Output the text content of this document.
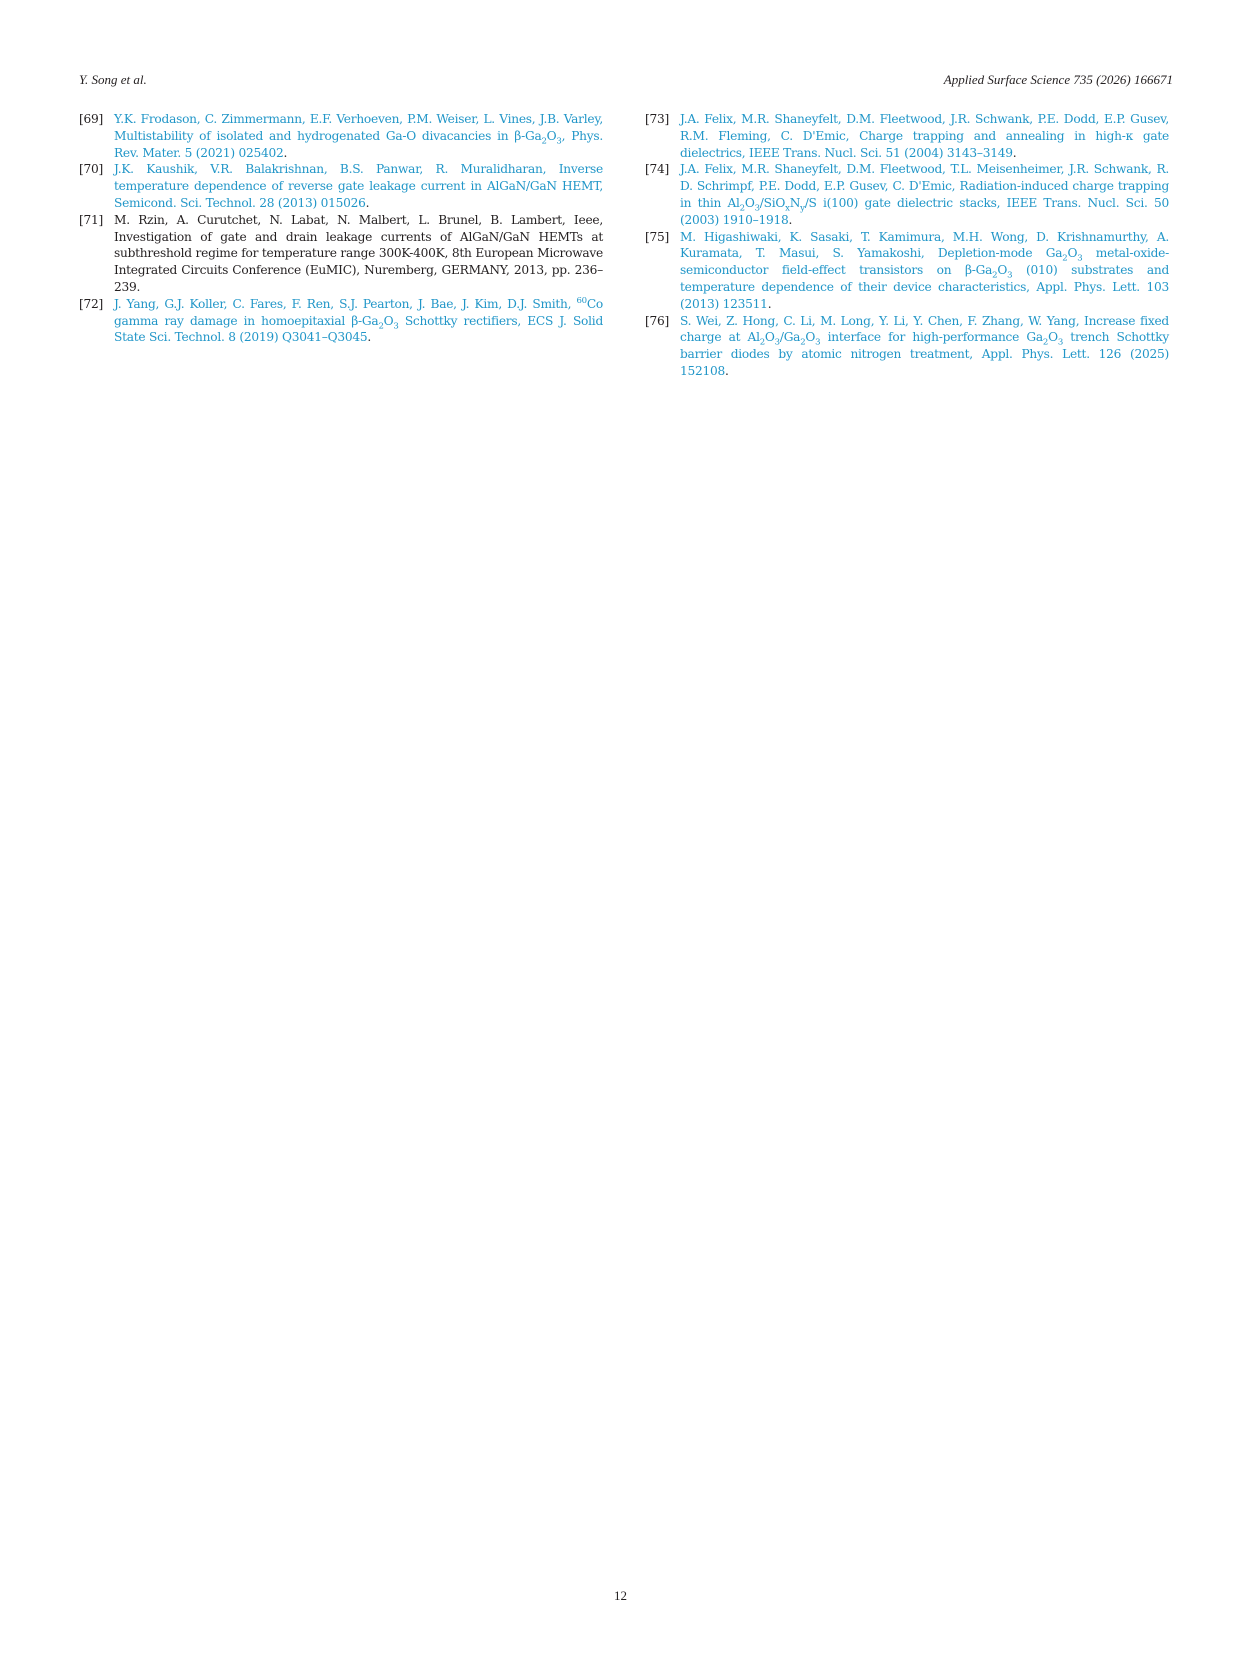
Y. Song et al.	Applied Surface Science 735 (2026) 166671
[69] Y.K. Frodason, C. Zimmermann, E.F. Verhoeven, P.M. Weiser, L. Vines, J.B. Varley, Multistability of isolated and hydrogenated Ga-O divacancies in $\beta-Ga_2O_3$, Phys. Rev. Mater. 5 (2021) 025402.
[70] J.K. Kaushik, V.R. Balakrishnan, B.S. Panwar, R. Muralidharan, Inverse temperature dependence of reverse gate leakage current in AlGaN/GaN HEMT, Semicond. Sci. Technol. 28 (2013) 015026.
[71] M. Rzin, A. Curutchet, N. Labat, N. Malbert, L. Brunel, B. Lambert, Ieee, Investigation of gate and drain leakage currents of AlGaN/GaN HEMTs at subthreshold regime for temperature range 300K-400K, 8th European Microwave Integrated Circuits Conference (EuMIC), Nuremberg, GERMANY, 2013, pp. 236–239.
[72] J. Yang, G.J. Koller, C. Fares, F. Ren, S.J. Pearton, J. Bae, J. Kim, D.J. Smith, $^{60}$Co gamma ray damage in homoepitaxial $\beta-Ga_2O_3$ Schottky rectifiers, ECS J. Solid State Sci. Technol. 8 (2019) Q3041–Q3045.
[73] J.A. Felix, M.R. Shaneyfelt, D.M. Fleetwood, J.R. Schwank, P.E. Dodd, E.P. Gusev, R.M. Fleming, C. D'Emic, Charge trapping and annealing in high-κ gate dielectrics, IEEE Trans. Nucl. Sci. 51 (2004) 3143–3149.
[74] J.A. Felix, M.R. Shaneyfelt, D.M. Fleetwood, T.L. Meisenheimer, J.R. Schwank, R. D. Schrimpf, P.E. Dodd, E.P. Gusev, C. D'Emic, Radiation-induced charge trapping in thin $Al_2O_3/SiO_xN_y/S$ i(100) gate dielectric stacks, IEEE Trans. Nucl. Sci. 50 (2003) 1910–1918.
[75] M. Higashiwaki, K. Sasaki, T. Kamimura, M.H. Wong, D. Krishnamurthy, A. Kuramata, T. Masui, S. Yamakoshi, Depletion-mode $Ga_2O_3$ metal-oxide-semiconductor field-effect transistors on $\beta-Ga_2O_3$ (010) substrates and temperature dependence of their device characteristics, Appl. Phys. Lett. 103 (2013) 123511.
[76] S. Wei, Z. Hong, C. Li, M. Long, Y. Li, Y. Chen, F. Zhang, W. Yang, Increase fixed charge at $Al_2O_3/Ga_2O_3$ interface for high-performance $Ga_2O_3$ trench Schottky barrier diodes by atomic nitrogen treatment, Appl. Phys. Lett. 126 (2025) 152108.
12
